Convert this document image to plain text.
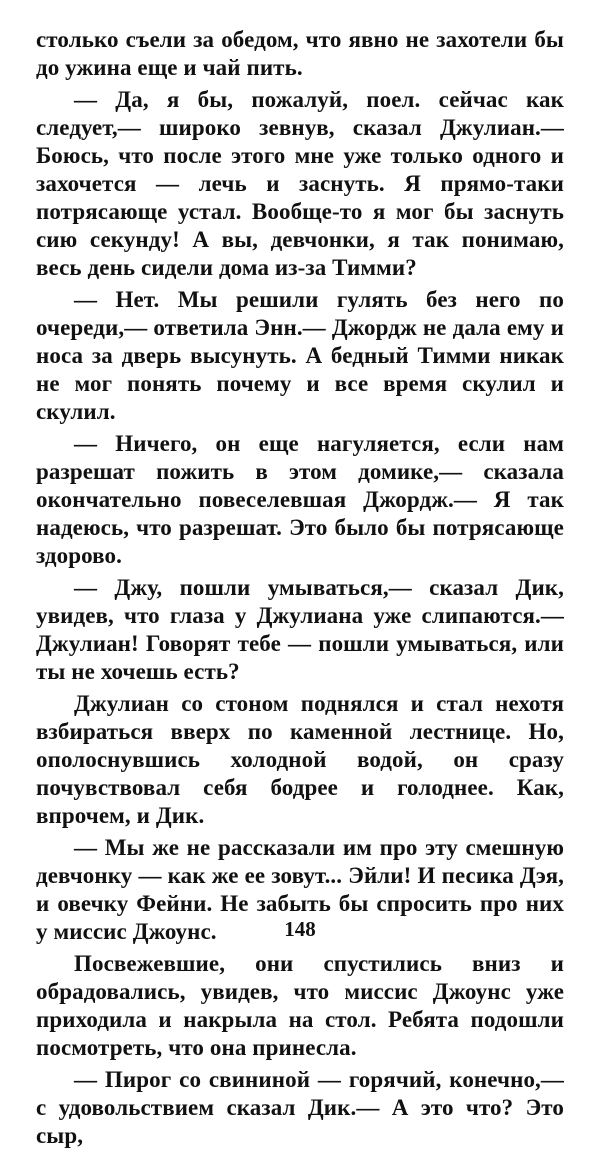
столько съели за обедом, что явно не захотели бы до ужина еще и чай пить.

— Да, я бы, пожалуй, поел. сейчас как следует,— широко зевнув, сказал Джулиан.— Боюсь, что после этого мне уже только одного и захочется — лечь и заснуть. Я прямо-таки потрясающе устал. Вообще-то я мог бы заснуть сию секунду! А вы, девчонки, я так понимаю, весь день сидели дома из-за Тимми?

— Нет. Мы решили гулять без него по очереди,— ответила Энн.— Джордж не дала ему и носа за дверь высунуть. А бедный Тимми никак не мог понять почему и все время скулил и скулил.

— Ничего, он еще нагуляется, если нам разрешат пожить в этом домике,— сказала окончательно повеселевшая Джордж.— Я так надеюсь, что разрешат. Это было бы потрясающе здорово.

— Джу, пошли умываться,— сказал Дик, увидев, что глаза у Джулиана уже слипаются.— Джулиан! Говорят тебе — пошли умываться, или ты не хочешь есть?

Джулиан со стоном поднялся и стал нехотя взбираться вверх по каменной лестнице. Но, ополоснувшись холодной водой, он сразу почувствовал себя бодрее и голоднее. Как, впрочем, и Дик.

— Мы же не рассказали им про эту смешную девчонку — как же ее зовут... Эйли! И песика Дэя, и овечку Фейни. Не забыть бы спросить про них у миссис Джоунс.

Посвежевшие, они спустились вниз и обрадовались, увидев, что миссис Джоунс уже приходила и накрыла на стол. Ребята подошли посмотреть, что она принесла.

— Пирог со свининой — горячий, конечно,— с удовольствием сказал Дик.— А это что? Это сыр,

148
